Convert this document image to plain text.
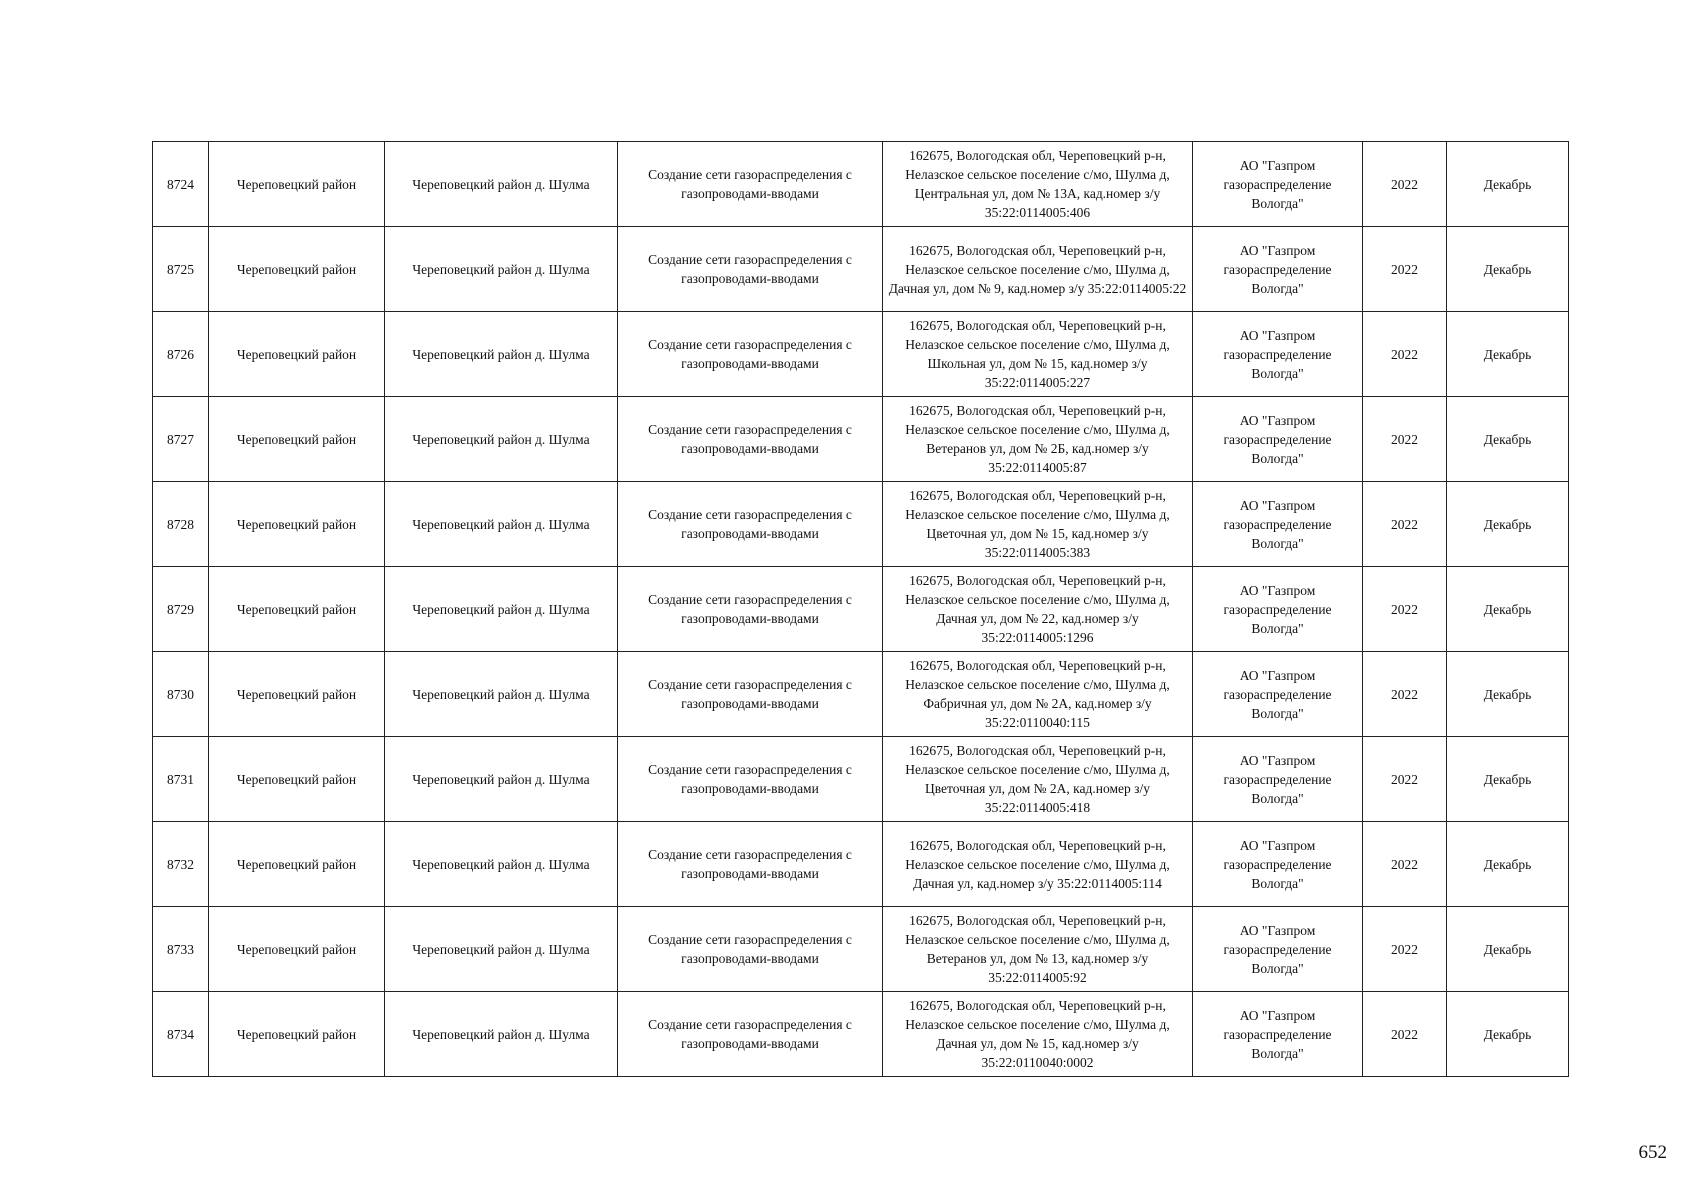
8724	Череповецкий район	Череповецкий район д. Шулма	Создание сети газораспределения с газопроводами-вводами	162675, Вологодская обл, Череповецкий р-н, Нелазское сельское поселение с/мо, Шулма д, Центральная ул, дом № 13А, кад.номер з/у 35:22:0114005:406	АО "Газпром газораспределение Вологда"	2022	Декабрь
8725	Череповецкий район	Череповецкий район д. Шулма	Создание сети газораспределения с газопроводами-вводами	162675, Вологодская обл, Череповецкий р-н, Нелазское сельское поселение с/мо, Шулма д, Дачная ул, дом № 9, кад.номер з/у 35:22:0114005:22	АО "Газпром газораспределение Вологда"	2022	Декабрь
8726	Череповецкий район	Череповецкий район д. Шулма	Создание сети газораспределения с газопроводами-вводами	162675, Вологодская обл, Череповецкий р-н, Нелазское сельское поселение с/мо, Шулма д, Школьная ул, дом № 15, кад.номер з/у 35:22:0114005:227	АО "Газпром газораспределение Вологда"	2022	Декабрь
8727	Череповецкий район	Череповецкий район д. Шулма	Создание сети газораспределения с газопроводами-вводами	162675, Вологодская обл, Череповецкий р-н, Нелазское сельское поселение с/мо, Шулма д, Ветеранов ул, дом № 2Б, кад.номер з/у 35:22:0114005:87	АО "Газпром газораспределение Вологда"	2022	Декабрь
8728	Череповецкий район	Череповецкий район д. Шулма	Создание сети газораспределения с газопроводами-вводами	162675, Вологодская обл, Череповецкий р-н, Нелазское сельское поселение с/мо, Шулма д, Цветочная ул, дом № 15, кад.номер з/у 35:22:0114005:383	АО "Газпром газораспределение Вологда"	2022	Декабрь
8729	Череповецкий район	Череповецкий район д. Шулма	Создание сети газораспределения с газопроводами-вводами	162675, Вологодская обл, Череповецкий р-н, Нелазское сельское поселение с/мо, Шулма д, Дачная ул, дом № 22, кад.номер з/у 35:22:0114005:1296	АО "Газпром газораспределение Вологда"	2022	Декабрь
8730	Череповецкий район	Череповецкий район д. Шулма	Создание сети газораспределения с газопроводами-вводами	162675, Вологодская обл, Череповецкий р-н, Нелазское сельское поселение с/мо, Шулма д, Фабричная ул, дом № 2А, кад.номер з/у 35:22:0110040:115	АО "Газпром газораспределение Вологда"	2022	Декабрь
8731	Череповецкий район	Череповецкий район д. Шулма	Создание сети газораспределения с газопроводами-вводами	162675, Вологодская обл, Череповецкий р-н, Нелазское сельское поселение с/мо, Шулма д, Цветочная ул, дом № 2А, кад.номер з/у 35:22:0114005:418	АО "Газпром газораспределение Вологда"	2022	Декабрь
8732	Череповецкий район	Череповецкий район д. Шулма	Создание сети газораспределения с газопроводами-вводами	162675, Вологодская обл, Череповецкий р-н, Нелазское сельское поселение с/мо, Шулма д, Дачная ул, кад.номер з/у 35:22:0114005:114	АО "Газпром газораспределение Вологда"	2022	Декабрь
8733	Череповецкий район	Череповецкий район д. Шулма	Создание сети газораспределения с газопроводами-вводами	162675, Вологодская обл, Череповецкий р-н, Нелазское сельское поселение с/мо, Шулма д, Ветеранов ул, дом № 13, кад.номер з/у 35:22:0114005:92	АО "Газпром газораспределение Вологда"	2022	Декабрь
8734	Череповецкий район	Череповецкий район д. Шулма	Создание сети газораспределения с газопроводами-вводами	162675, Вологодская обл, Череповецкий р-н, Нелазское сельское поселение с/мо, Шулма д, Дачная ул, дом № 15, кад.номер з/у 35:22:0110040:0002	АО "Газпром газораспределение Вологда"	2022	Декабрь
652
